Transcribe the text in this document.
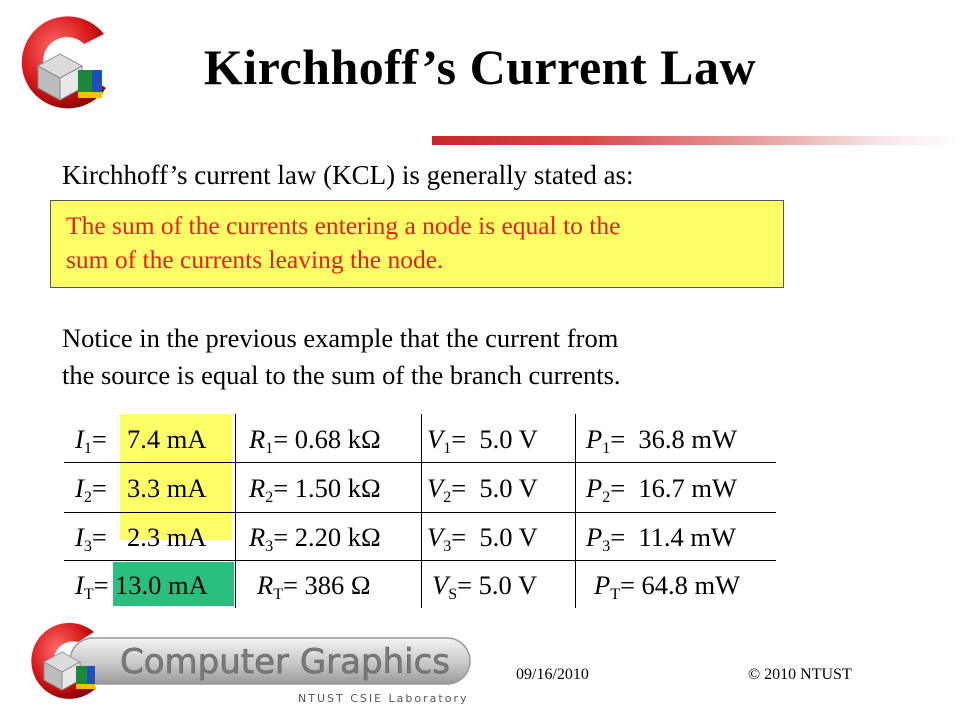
Kirchhoff’s Current Law
Kirchhoff’s current law (KCL) is generally stated as:
The sum of the currents entering a node is equal to the
sum of the currents leaving the node.
Notice in the previous example that the current from
the source is equal to the sum of the branch currents.
$I_1= 7.4$ mA $R_1= 0.68$ kΩ $V_1= 5.0$ V $P_1= 36.8$ mW
$I_2= 3.3$ mA $R_2= 1.50$ kΩ $V_2= 5.0$ V $P_2= 16.7$ mW
$I_3= 2.3$ mA $R_3= 2.20$ kΩ $V_3= 5.0$ V $P_3= 11.4$ mW
$I_T= 13.0$ mA $R_T= 386$ Ω $V_S= 5.0$ V $P_T= 64.8$ mW
Computer Graphics
NTUST CSIE Laboratory
09/16/2010	© 2010 NTUST
